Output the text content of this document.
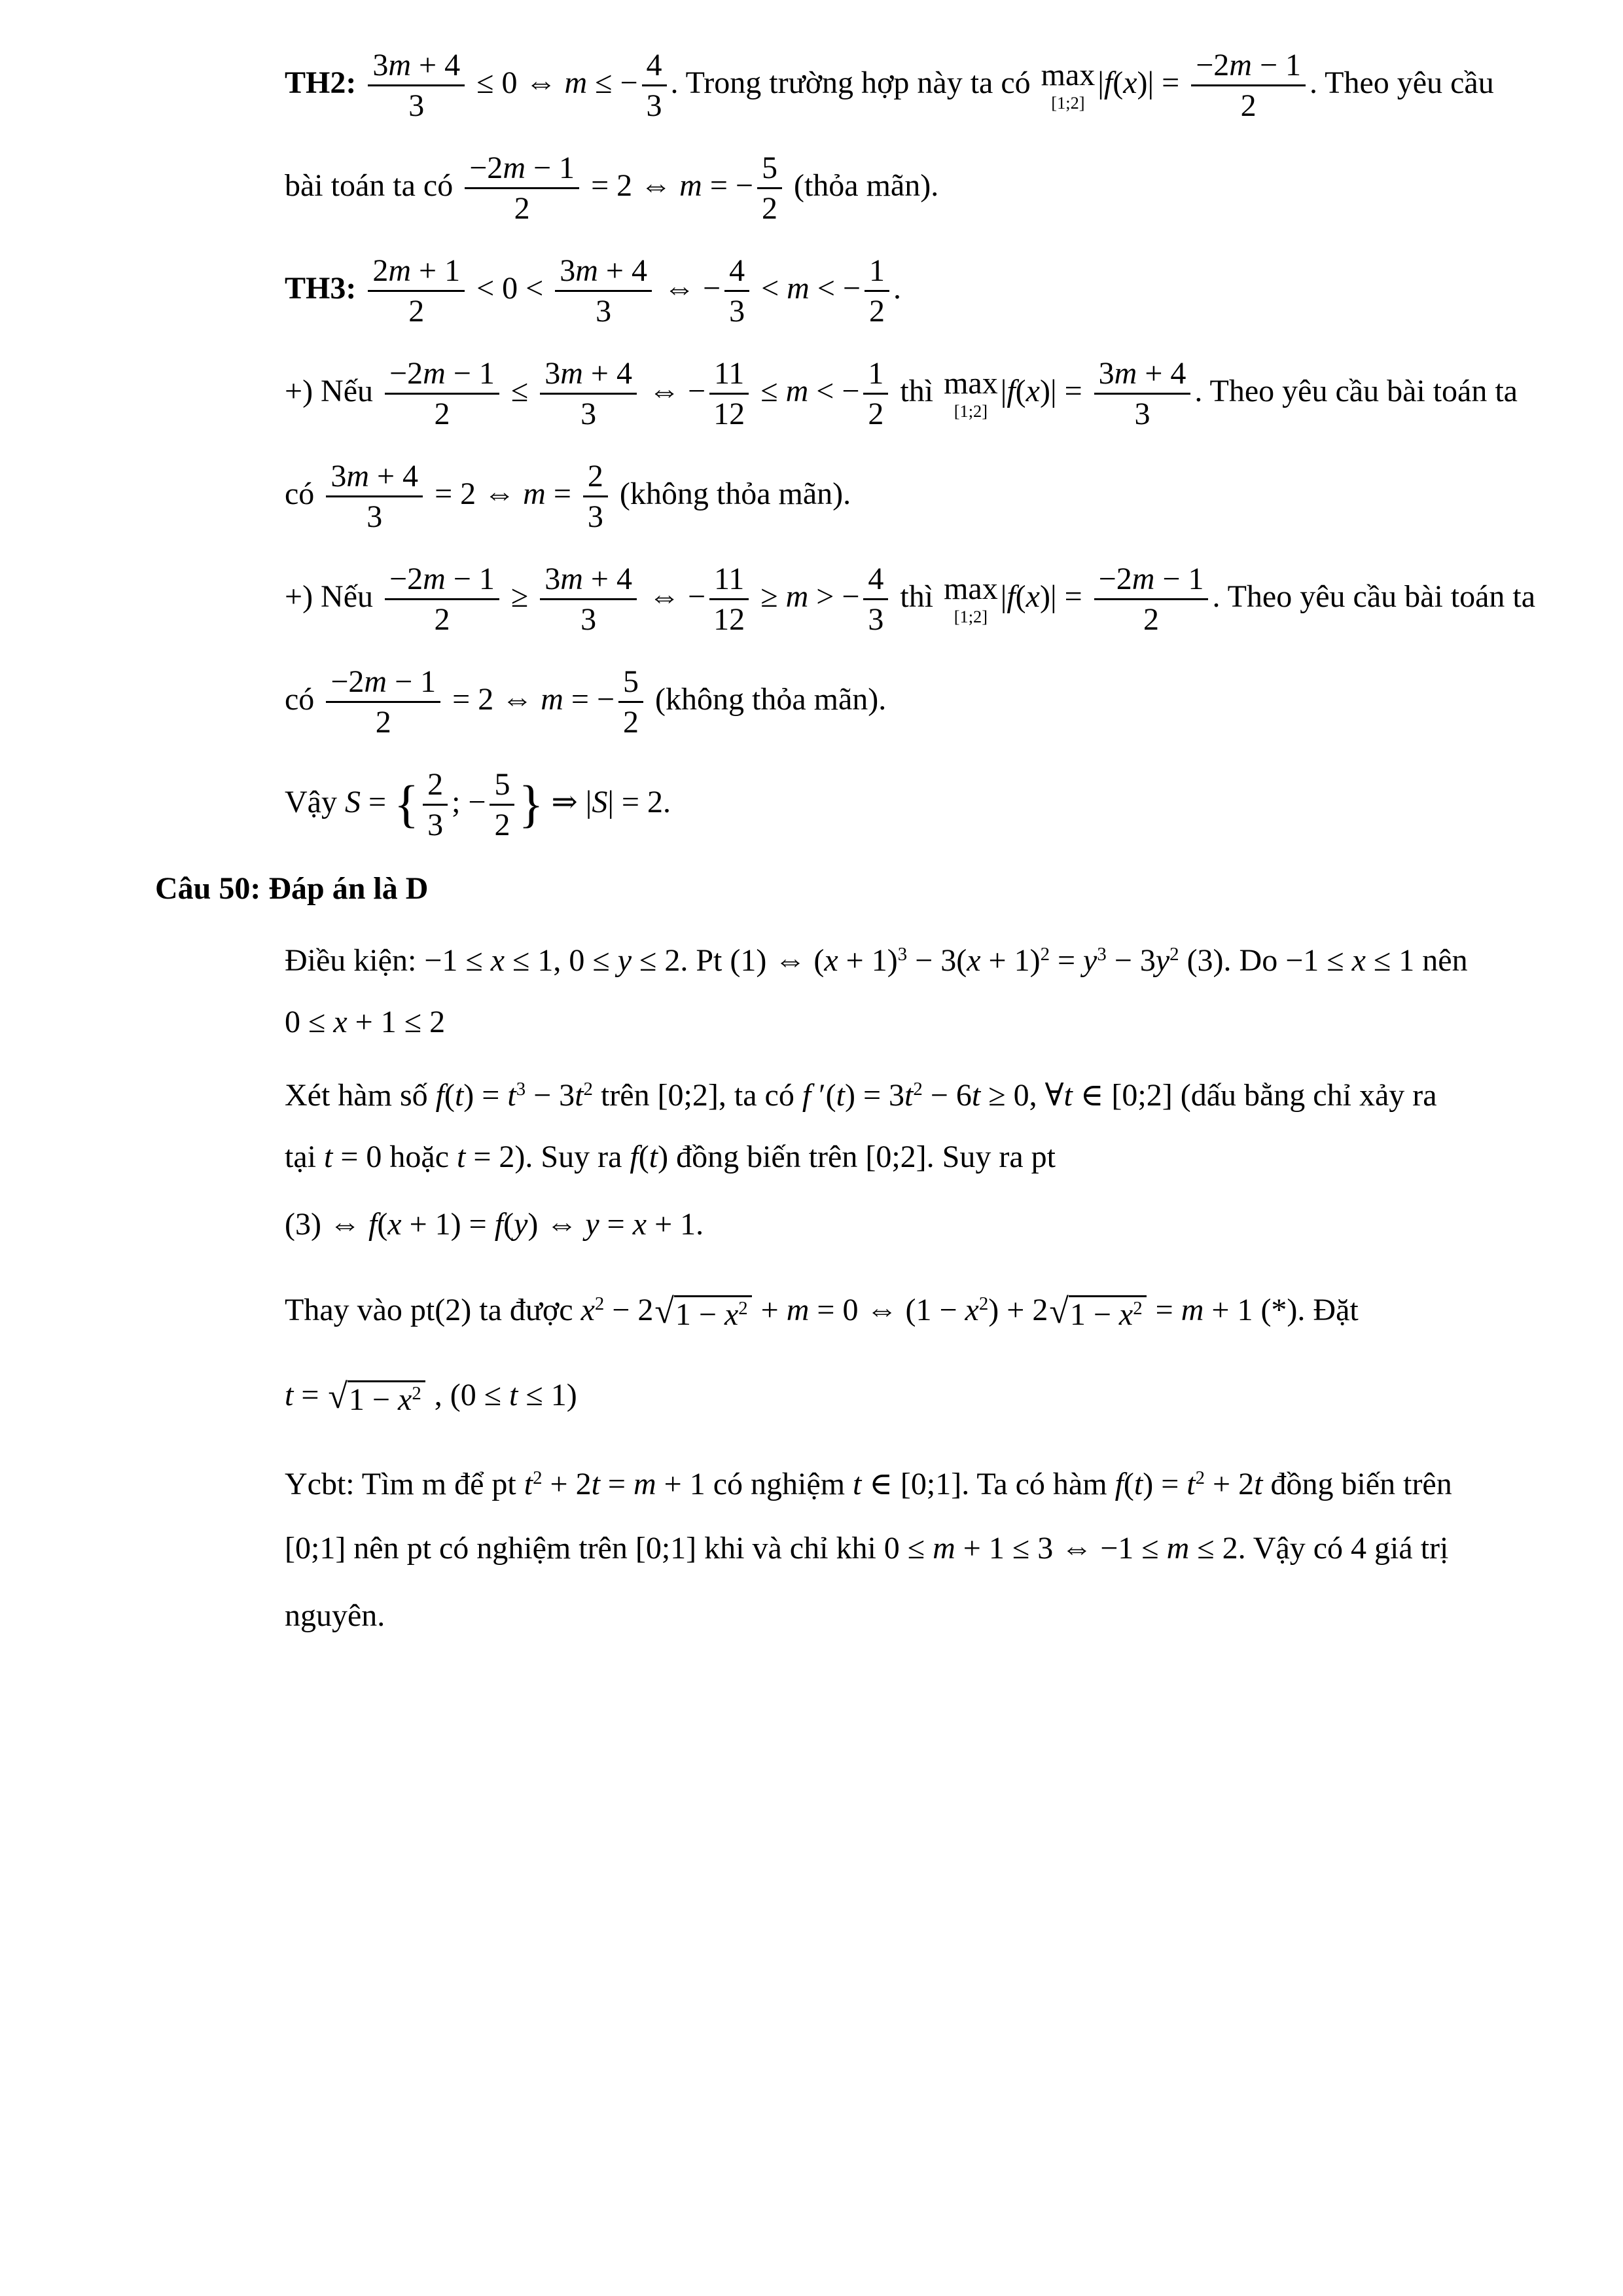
TH2: $\frac{3m + 4}{3} \le 0$ ⇔ m ≤ − $\frac{4}{3}$ . Trong trường hợp này ta có max
[1;2]
$|f(x)| = \frac{-2m - 1}{2}$ . Theo yêu cầu
bài toán ta có $\frac{-2m - 1}{2} = 2$ ⇔ m = − $\frac{5}{2}$ (thỏa mãn).
TH3: $\frac{2m + 1}{2} < 0 < \frac{3m + 4}{3}$ ⇔ − $\frac{4}{3} < m$ < − $\frac{1}{2}$ .
+) Nếu $\frac{-2m - 1}{2} \le \frac{3m + 4}{3}$ ⇔ − $\frac{11}{12} \le m$ < − $\frac{1}{2}$ thì max
[1;2]
$|f(x)| = \frac{3m + 4}{3}$ . Theo yêu cầu bài toán ta
có $\frac{3m + 4}{3} = 2$ ⇔ $m = \frac{2}{3}$ (không thỏa mãn).
+) Nếu $\frac{-2m - 1}{2} \ge \frac{3m + 4}{3}$ ⇔ − $\frac{11}{12} \ge m$ > − $\frac{4}{3}$ thì max
[1;2]
$|f(x)| = \frac{-2m - 1}{2}$ . Theo yêu cầu bài toán ta
có $\frac{-2m - 1}{2} = 2$ ⇔ m = − $\frac{5}{2}$ (không thỏa mãn).
Vậy S = { $\frac{2}{3}$ ; − $\frac{5}{2}$ } ⇒ |S| = 2.
Câu 50: Đáp án là D
Điều kiện: −1 ≤ x ≤ 1, 0 ≤ y ≤ 2. Pt (1) ⇔ $(x + 1)^3 - 3(x + 1)^2 = y^3 - 3y^2$ (3). Do −1 ≤ x ≤ 1 nên
0 ≤ x + 1 ≤ 2
Xét hàm số $f(t) = t^3 - 3t^2$ trên [0;2], ta có f $'(t) = 3t^2 - 6t \ge 0$, ∀t ∈ [0;2] (dấu bằng chỉ xảy ra
tại t = 0 hoặc t = 2). Suy ra f(t) đồng biến trên [0;2]. Suy ra pt
(3) ⇔ f(x + 1) = f(y) ⇔ y = x + 1.
Thay vào pt(2) ta được $x^2 - 2$ √ $1 - x^2 + m = 0$ ⇔ $(1 - x^2) + 2$ √ $1 - x^2 = m + 1$ (*). Đặt
t = √ $1 - x^2$ , (0 ≤ t ≤ 1)
Ycbt: Tìm m để pt $t^2 + 2t = m + 1$ có nghiệm t ∈ [0;1]. Ta có hàm $f(t) = t^2 + 2t$ đồng biến trên
[0;1] nên pt có nghiệm trên [0;1] khi và chỉ khi 0 ≤ m + 1 ≤ 3 ⇔ −1 ≤ m ≤ 2. Vậy có 4 giá trị
nguyên.
